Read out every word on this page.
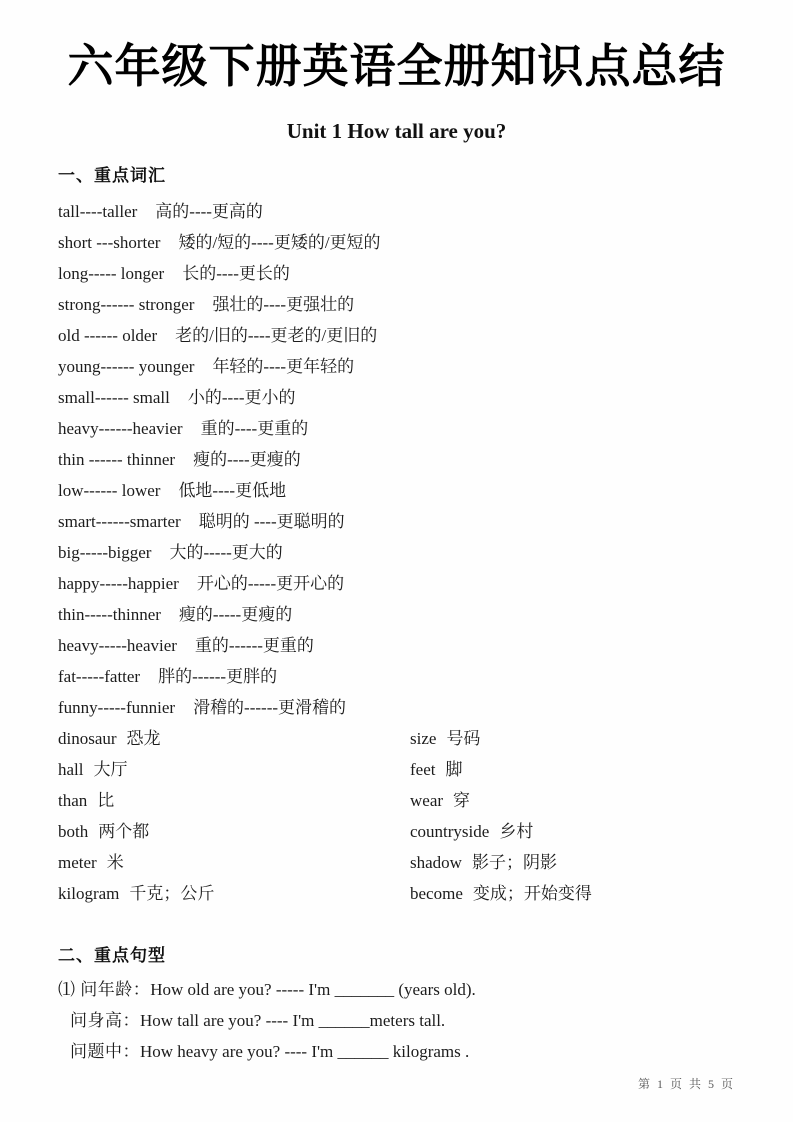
六年级下册英语全册知识点总结
Unit 1 How tall are you?
一、重点词汇
tall----taller 高的----更高的
short ---shorter 矮的/短的----更矮的/更短的
long----- longer 长的----更长的
strong------ stronger 强壮的----更强壮的
old ------ older 老的/旧的----更老的/更旧的
young------ younger 年轻的----更年轻的
small------ small 小的----更小的
heavy------heavier 重的----更重的
thin ------ thinner 瘦的----更瘦的
low------ lower 低地----更低地
smart------smarter 聪明的 ----更聪明的
big-----bigger 大的-----更大的
happy-----happier 开心的-----更开心的
thin-----thinner 瘦的-----更瘦的
heavy-----heavier 重的------更重的
fat-----fatter 胖的------更胖的
funny-----funnier 滑稽的------更滑稽的
dinosaur 恐龙	size 号码
hall 大厅	feet 脚
than 比	wear 穿
both 两个都	countryside 乡村
meter 米	shadow 影子；阴影
kilogram 千克；公斤	become 变成；开始变得
二、重点句型
⑴ 问年龄：How old are you? ----- I'm _______ (years old).
问身高：How tall are you? ---- I'm ______meters tall.
问题中：How heavy are you? ---- I'm ______ kilograms .
第 1 页 共 5 页
